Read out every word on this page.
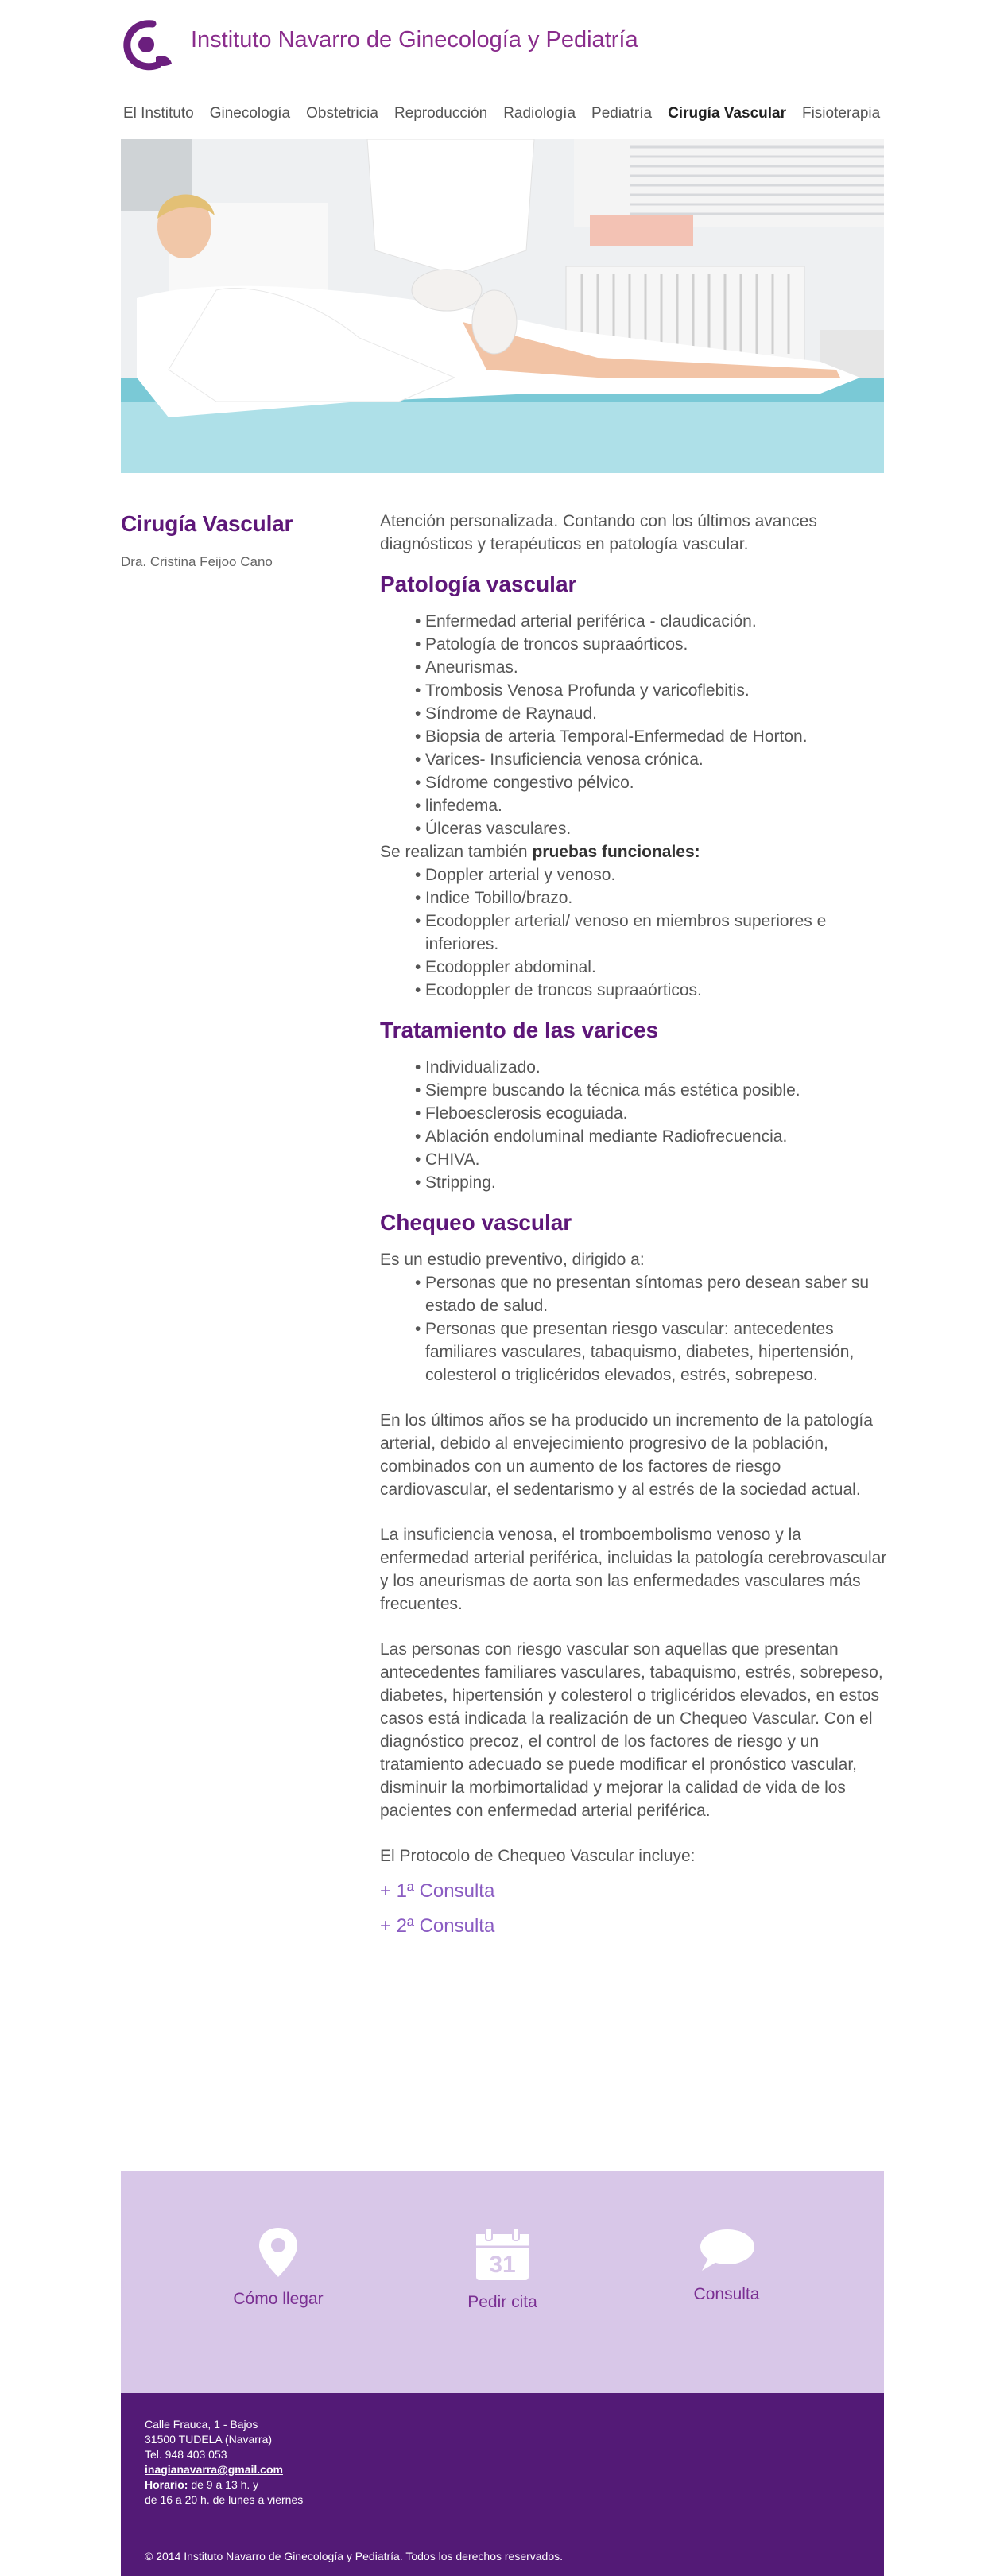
Instituto Navarro de Ginecología y Pediatría
El Instituto Ginecología Obstetricia Reproducción Radiología Pediatría Cirugía Vascular Fisioterapia
Cirugía Vascular
Dra. Cristina Feijoo Cano

Atención personalizada. Contando con los últimos avances diagnósticos y terapéuticos en patología vascular.

Patología vascular
• Enfermedad arterial periférica - claudicación.
• Patología de troncos supraaórticos.
• Aneurismas.
• Trombosis Venosa Profunda y varicoflebitis.
• Síndrome de Raynaud.
• Biopsia de arteria Temporal-Enfermedad de Horton.
• Varices- Insuficiencia venosa crónica.
• Sídrome congestivo pélvico.
• linfedema.
• Úlceras vasculares.

Se realizan también pruebas funcionales:

• Doppler arterial y venoso.
• Indice Tobillo/brazo.
• Ecodoppler arterial/ venoso en miembros superiores e inferiores.
• Ecodoppler abdominal.
• Ecodoppler de troncos supraaórticos.
Tratamiento de las varices
• Individualizado.
• Siempre buscando la técnica más estética posible.
• Fleboesclerosis ecoguiada.
• Ablación endoluminal mediante Radiofrecuencia.
• CHIVA.
• Stripping.
Chequeo vascular

Es un estudio preventivo, dirigido a:

• Personas que no presentan síntomas pero desean saber su estado de salud.
• Personas que presentan riesgo vascular: antecedentes familiares vasculares, tabaquismo, diabetes, hipertensión, colesterol o triglicéridos elevados, estrés, sobrepeso.

En los últimos años se ha producido un incremento de la patología arterial, debido al envejecimiento progresivo de la población, combinados con un aumento de los factores de riesgo cardiovascular, el sedentarismo y al estrés de la sociedad actual.

La insuficiencia venosa, el tromboembolismo venoso y la enfermedad arterial periférica, incluidas la patología cerebrovascular y los aneurismas de aorta son las enfermedades vasculares más frecuentes.

Las personas con riesgo vascular son aquellas que presentan antecedentes familiares vasculares, tabaquismo, estrés, sobrepeso, diabetes, hipertensión y colesterol o triglicéridos elevados, en estos casos está indicada la realización de un Chequeo Vascular. Con el diagnóstico precoz, el control de los factores de riesgo y un tratamiento adecuado se puede modificar el pronóstico vascular, disminuir la morbimortalidad y mejorar la calidad de vida de los pacientes con enfermedad arterial periférica.

El Protocolo de Chequeo Vascular incluye:

+ 1ª Consulta
+ 2ª Consulta
Cómo llegar
31
Pedir cita	Consulta
Calle Frauca, 1 - Bajos
31500 TUDELA (Navarra)
Tel. 948 403 053
inagianavarra@gmail.com
Horario: de 9 a 13 h. y
de 16 a 20 h. de lunes a viernes
© 2014 Instituto Navarro de Ginecología y Pediatría. Todos los derechos reservados.
